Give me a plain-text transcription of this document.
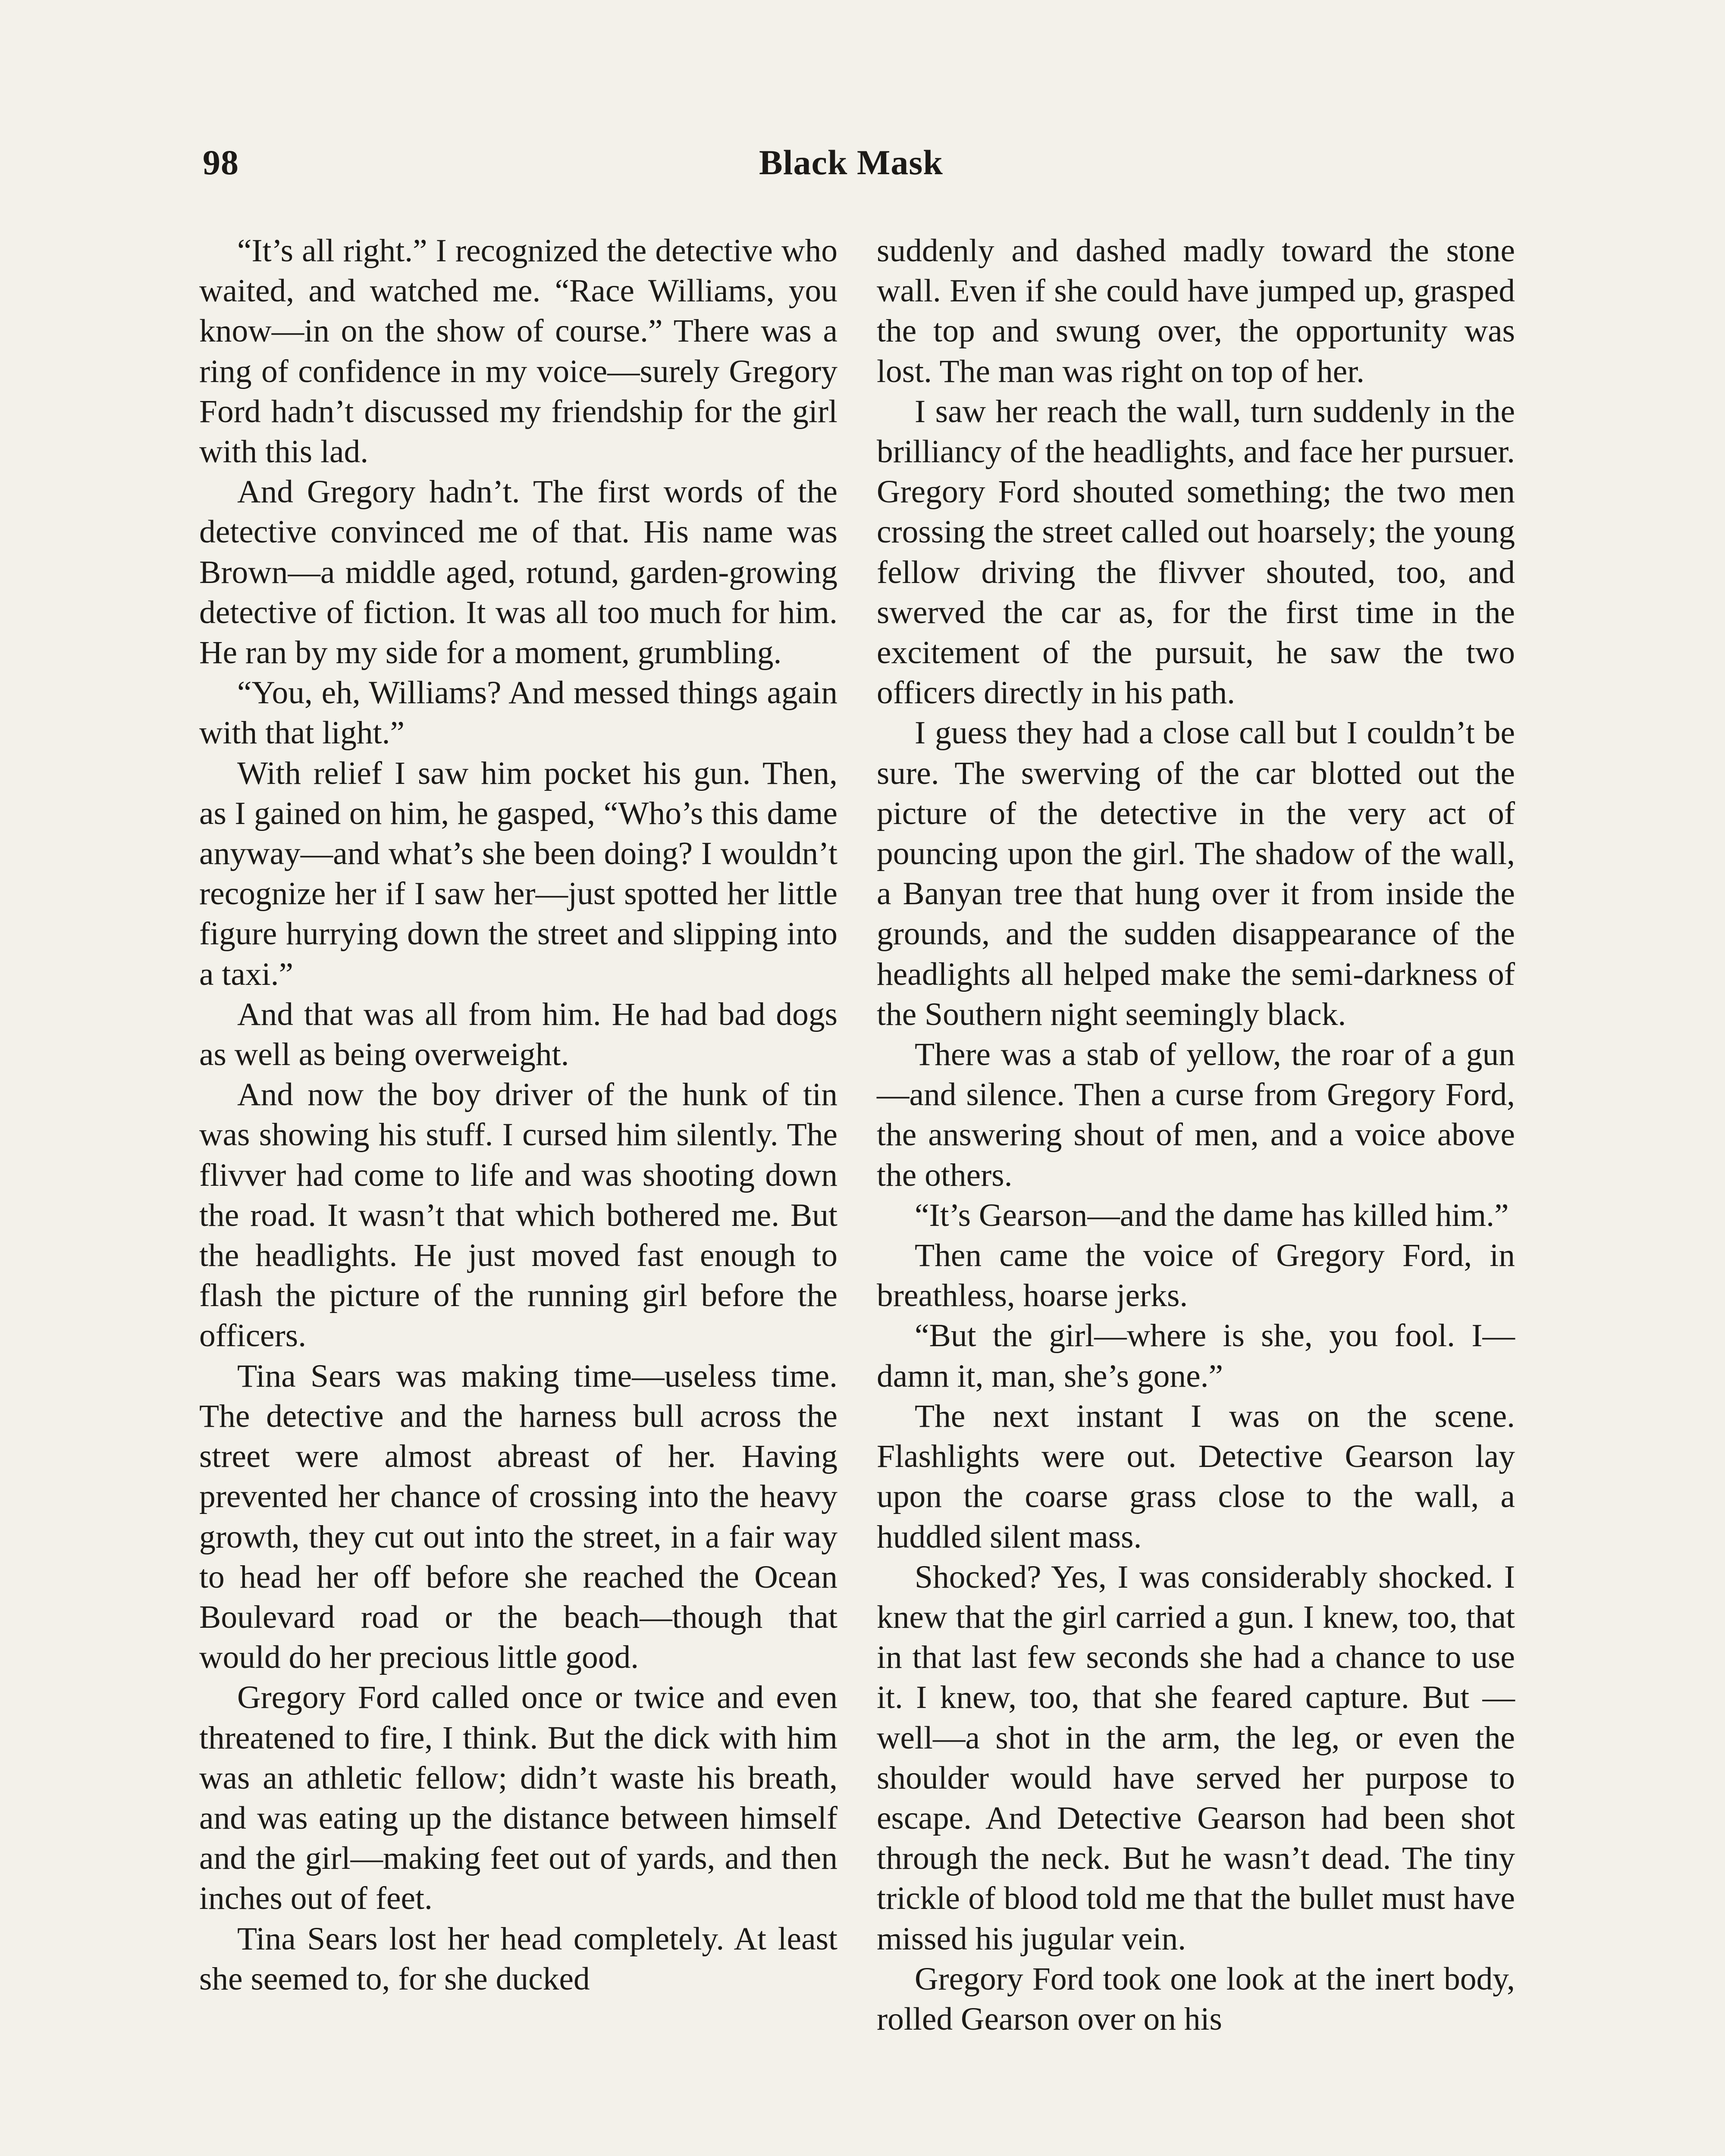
98	Black Mask

“It’s all right.” I recognized the detective who waited, and watched me. “Race Williams, you know—in on the show of course.” There was a ring of confidence in my voice—surely Gregory Ford hadn’t discussed my friendship for the girl with this lad.

And Gregory hadn’t. The first words of the detective convinced me of that. His name was Brown—a middle aged, rotund, garden-growing detective of fiction. It was all too much for him. He ran by my side for a moment, grumbling.

“You, eh, Williams? And messed things again with that light.”

With relief I saw him pocket his gun. Then, as I gained on him, he gasped, “Who’s this dame anyway—and what’s she been doing? I wouldn’t recognize her if I saw her—just spotted her little figure hurrying down the street and slipping into a taxi.”

And that was all from him. He had bad dogs as well as being overweight.

And now the boy driver of the hunk of tin was showing his stuff. I cursed him silently. The flivver had come to life and was shooting down the road. It wasn’t that which bothered me. But the headlights. He just moved fast enough to flash the picture of the running girl before the officers.

Tina Sears was making time—useless time. The detective and the harness bull across the street were almost abreast of her. Having prevented her chance of crossing into the heavy growth, they cut out into the street, in a fair way to head her off before she reached the Ocean Boulevard road or the beach—though that would do her precious little good.

Gregory Ford called once or twice and even threatened to fire, I think. But the dick with him was an athletic fellow; didn’t waste his breath, and was eating up the distance between himself and the girl—making feet out of yards, and then inches out of feet.

Tina Sears lost her head completely. At least she seemed to, for she ducked

suddenly and dashed madly toward the stone wall. Even if she could have jumped up, grasped the top and swung over, the opportunity was lost. The man was right on top of her.

I saw her reach the wall, turn suddenly in the brilliancy of the headlights, and face her pursuer. Gregory Ford shouted something; the two men crossing the street called out hoarsely; the young fellow driving the flivver shouted, too, and swerved the car as, for the first time in the excitement of the pursuit, he saw the two officers directly in his path.

I guess they had a close call but I couldn’t be sure. The swerving of the car blotted out the picture of the detective in the very act of pouncing upon the girl. The shadow of the wall, a Banyan tree that hung over it from inside the grounds, and the sudden disappearance of the headlights all helped make the semi-darkness of the Southern night seemingly black.

There was a stab of yellow, the roar of a gun—and silence. Then a curse from Gregory Ford, the answering shout of men, and a voice above the others.

“It’s Gearson—and the dame has killed him.”

Then came the voice of Gregory Ford, in breathless, hoarse jerks.

“But the girl—where is she, you fool. I—damn it, man, she’s gone.”

The next instant I was on the scene. Flashlights were out. Detective Gearson lay upon the coarse grass close to the wall, a huddled silent mass.

Shocked? Yes, I was considerably shocked. I knew that the girl carried a gun. I knew, too, that in that last few seconds she had a chance to use it. I knew, too, that she feared capture. But —well—a shot in the arm, the leg, or even the shoulder would have served her purpose to escape. And Detective Gearson had been shot through the neck. But he wasn’t dead. The tiny trickle of blood told me that the bullet must have missed his jugular vein.

Gregory Ford took one look at the inert body, rolled Gearson over on his
